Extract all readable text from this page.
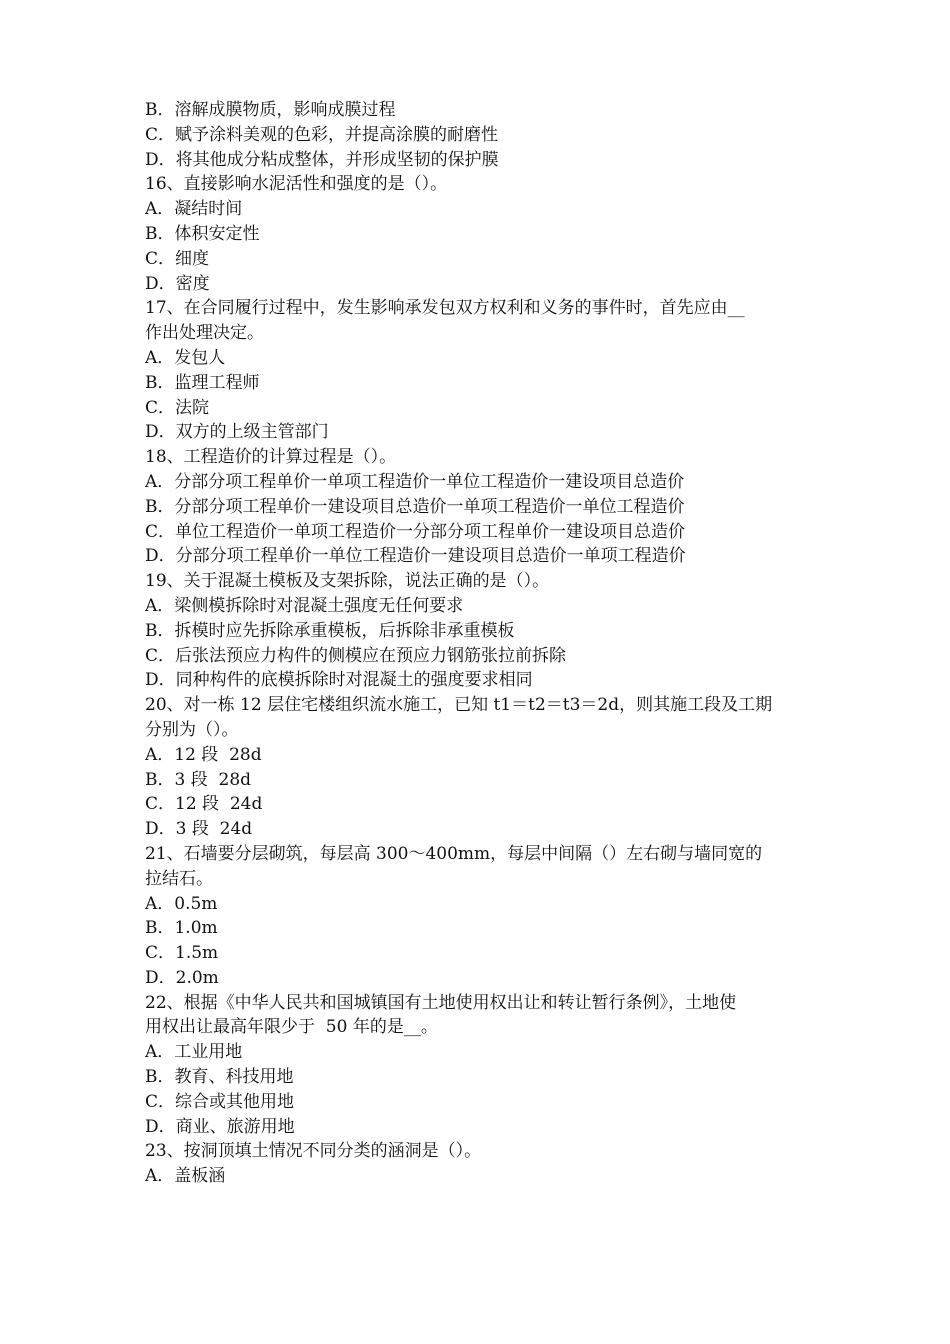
B．溶解成膜物质，影响成膜过程
C．赋予涂料美观的色彩，并提高涂膜的耐磨性
D．将其他成分粘成整体，并形成坚韧的保护膜
16、直接影响水泥活性和强度的是（）。
A．凝结时间
B．体积安定性
C．细度
D．密度
17、在合同履行过程中，发生影响承发包双方权利和义务的事件时，首先应由__
作出处理决定。
A．发包人
B．监理工程师
C．法院
D．双方的上级主管部门
18、工程造价的计算过程是（）。
A．分部分项工程单价一单项工程造价一单位工程造价一建设项目总造价
B．分部分项工程单价一建设项目总造价一单项工程造价一单位工程造价
C．单位工程造价一单项工程造价一分部分项工程单价一建设项目总造价
D．分部分项工程单价一单位工程造价一建设项目总造价一单项工程造价
19、关于混凝土模板及支架拆除，说法正确的是（）。
A．梁侧模拆除时对混凝土强度无任何要求
B．拆模时应先拆除承重模板，后拆除非承重模板
C．后张法预应力构件的侧模应在预应力钢筋张拉前拆除
D．同种构件的底模拆除时对混凝土的强度要求相同
20、对一栋 12 层住宅楼组织流水施工，已知 t1＝t2＝t3＝2d，则其施工段及工期
分别为（）。
A．12 段  28d
B．3 段  28d
C．12 段  24d
D．3 段  24d
21、石墙要分层砌筑，每层高 300～400mm，每层中间隔（）左右砌与墙同宽的
拉结石。
A．0.5m
B．1.0m
C．1.5m
D．2.0m
22、根据《中华人民共和国城镇国有土地使用权出让和转让暂行条例》，土地使
用权出让最高年限少于  50 年的是__。
A．工业用地
B．教育、科技用地
C．综合或其他用地
D．商业、旅游用地
23、按洞顶填土情况不同分类的涵洞是（）。
A．盖板涵
